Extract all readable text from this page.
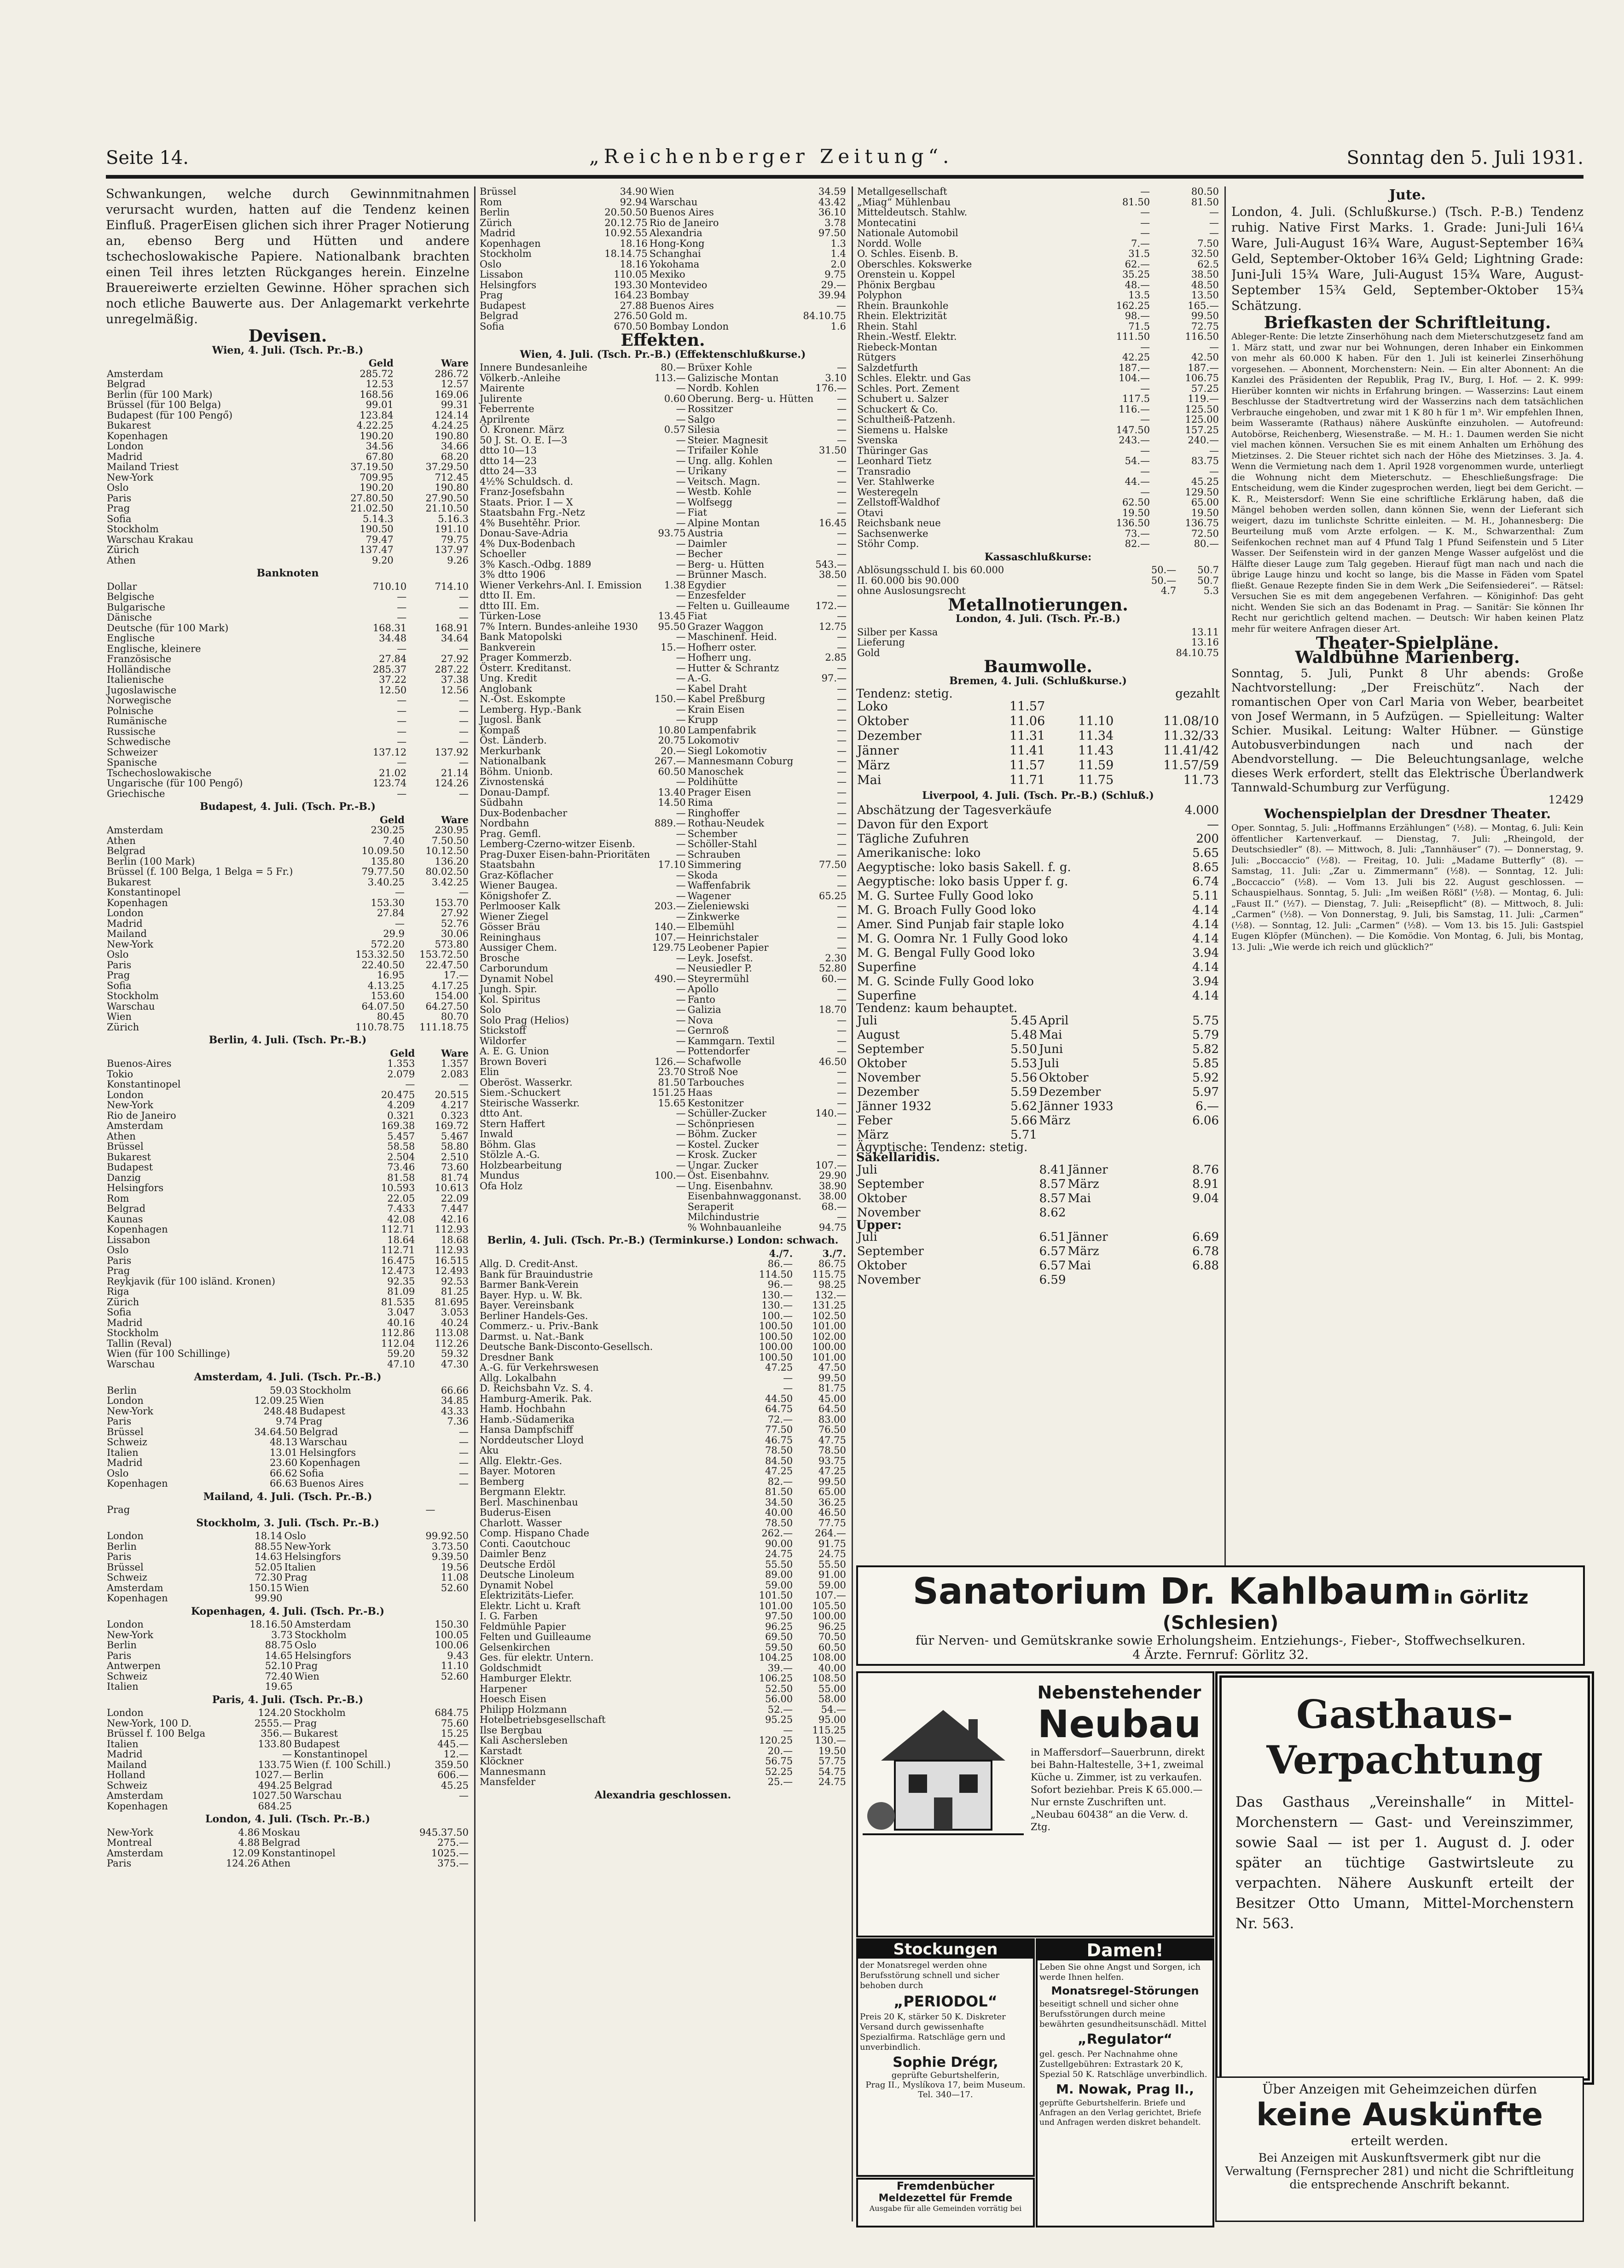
Seite 14.	„Reichenberger Zeitung“.	Sonntag den 5. Juli 1931.
Schwankungen, welche durch Gewinnmitnahmen verursacht wurden, hatten auf die Tendenz keinen Einfluß. PragerEisen glichen sich ihrer Prager Notierung an, ebenso Berg und Hütten und andere tschechoslowakische Papiere. Nationalbank brachten einen Teil ihres letzten Rückganges herein. Einzelne Brauereiwerte erzielten Gewinne. Höher sprachen sich noch etliche Bauwerte aus. Der Anlagemarkt verkehrte unregelmäßig.
Devisen.
Wien, 4. Juli. (Tsch. Pr.-B.)
	Geld	Ware
Amsterdam	285.72	286.72
Belgrad	12.53	12.57
Berlin (für 100 Mark)	168.56	169.06
Brüssel (für 100 Belga)	99.01	99.31
Budapest (für 100 Pengő)	123.84	124.14
Bukarest	4.22.25	4.24.25
Kopenhagen	190.20	190.80
London	34.56	34.66
Madrid	67.80	68.20
Mailand Triest	37.19.50	37.29.50
New-York	709.95	712.45
Oslo	190.20	190.80
Paris	27.80.50	27.90.50
Prag	21.02.50	21.10.50
Sofia	5.14.3	5.16.3
Stockholm	190.50	191.10
Warschau Krakau	79.47	79.75
Zürich	137.47	137.97
Athen	9.20	9.26
Banknoten
Dollar	710.10	714.10
Belgische	—	—
Bulgarische	—	—
Dänische	—	—
Deutsche (für 100 Mark)	168.31	168.91
Englische	34.48	34.64
Englische, kleinere	—	—
Französische	27.84	27.92
Holländische	285.37	287.22
Italienische	37.22	37.38
Jugoslawische	12.50	12.56
Norwegische	—	—
Polnische	—	—
Rumänische	—	—
Russische	—	—
Schwedische	—	—
Schweizer	137.12	137.92
Spanische	—	—
Tschechoslowakische	21.02	21.14
Ungarische (für 100 Pengő)	123.74	124.26
Griechische	—	—
Budapest, 4. Juli. (Tsch. Pr.-B.)
	Geld	Ware
Amsterdam	230.25	230.95
Athen	7.40	7.50.50
Belgrad	10.09.50	10.12.50
Berlin (100 Mark)	135.80	136.20
Brüssel (f. 100 Belga, 1 Belga = 5 Fr.)	79.77.50	80.02.50
Bukarest	3.40.25	3.42.25
Konstantinopel	—	—
Kopenhagen	153.30	153.70
London	27.84	27.92
Madrid	—	52.76
Mailand	29.9	30.06
New-York	572.20	573.80
Oslo	153.32.50	153.72.50
Paris	22.40.50	22.47.50
Prag	16.95	17.—
Sofia	4.13.25	4.17.25
Stockholm	153.60	154.00
Warschau	64.07.50	64.27.50
Wien	80.45	80.70
Zürich	110.78.75	111.18.75
Berlin, 4. Juli. (Tsch. Pr.-B.)
	Geld	Ware
Buenos-Aires	1.353	1.357
Tokio	2.079	2.083
Konstantinopel	—	—
London	20.475	20.515
New-York	4.209	4.217
Rio de Janeiro	0.321	0.323
Amsterdam	169.38	169.72
Athen	5.457	5.467
Brüssel	58.58	58.80
Bukarest	2.504	2.510
Budapest	73.46	73.60
Danzig	81.58	81.74
Helsingfors	10.593	10.613
Rom	22.05	22.09
Belgrad	7.433	7.447
Kaunas	42.08	42.16
Kopenhagen	112.71	112.93
Lissabon	18.64	18.68
Oslo	112.71	112.93
Paris	16.475	16.515
Prag	12.473	12.493
Reykjavik (für 100 isländ. Kronen)	92.35	92.53
Riga	81.09	81.25
Zürich	81.535	81.695
Sofia	3.047	3.053
Madrid	40.16	40.24
Stockholm	112.86	113.08
Tallin (Reval)	112.04	112.26
Wien (für 100 Schillinge)	59.20	59.32
Warschau	47.10	47.30
Amsterdam, 4. Juli. (Tsch. Pr.-B.)
Berlin	59.03	Stockholm	66.66
London	12.09.25	Wien	34.85
New-York	248.48	Budapest	43.33
Paris	9.74	Prag	7.36
Brüssel	34.64.50	Belgrad	—
Schweiz	48.13	Warschau	—
Italien	13.01	Helsingfors	—
Madrid	23.60	Kopenhagen	—
Oslo	66.62	Sofia	—
Kopenhagen	66.63	Buenos Aires	—
Mailand, 4. Juli. (Tsch. Pr.-B.)
Prag	—		
Stockholm, 3. Juli. (Tsch. Pr.-B.)
London	18.14	Oslo	99.92.50
Berlin	88.55	New-York	3.73.50
Paris	14.63	Helsingfors	9.39.50
Brüssel	52.05	Italien	19.56
Schweiz	72.30	Prag	11.08
Amsterdam	150.15	Wien	52.60
Kopenhagen	99.90		
Kopenhagen, 4. Juli. (Tsch. Pr.-B.)
London	18.16.50	Amsterdam	150.30
New-York	3.73	Stockholm	100.05
Berlin	88.75	Oslo	100.06
Paris	14.65	Helsingfors	9.43
Antwerpen	52.10	Prag	11.10
Schweiz	72.40	Wien	52.60
Italien	19.65		
Paris, 4. Juli. (Tsch. Pr.-B.)
London	124.20	Stockholm	684.75
New-York, 100 D.	2555.—	Prag	75.60
Brüssel f. 100 Belga	356.—	Bukarest	15.25
Italien	133.80	Budapest	445.—
Madrid	—	Konstantinopel	12.—
Mailand	133.75	Wien (f. 100 Schill.)	359.50
Holland	1027.—	Berlin	606.—
Schweiz	494.25	Belgrad	45.25
Amsterdam	1027.50	Warschau	—
Kopenhagen	684.25		
London, 4. Juli. (Tsch. Pr.-B.)
New-York	4.86	Moskau	945.37.50
Montreal	4.88	Belgrad	275.—
Amsterdam	12.09	Konstantinopel	1025.—
Paris	124.26	Athen	375.—
Brüssel	34.90	Wien	34.59
Rom	92.94	Warschau	43.42
Berlin	20.50.50	Buenos Aires	36.10
Zürich	20.12.75	Rio de Janeiro	3.78
Madrid	10.92.55	Alexandria	97.50
Kopenhagen	18.16	Hong-Kong	1.3
Stockholm	18.14.75	Schanghai	1.4
Oslo	18.16	Yokohama	2.0
Lissabon	110.05	Mexiko	9.75
Helsingfors	193.30	Montevideo	29.—
Prag	164.23	Bombay	39.94
Budapest	27.88	Buenos Aires	—
Belgrad	276.50	Gold m.	84.10.75
Sofia	670.50	Bombay London	1.6
Effekten.
Wien, 4. Juli. (Tsch. Pr.-B.) (Effektenschlußkurse.)
Innere Bundesanleihe	80.—	Brüxer Kohle	—
Völkerb.-Anleihe	113.—	Galizische Montan	3.10
Mairente	—	Nordb. Kohlen	176.—
Julirente	0.60	Oberung. Berg- u. Hütten	—
Feberrente	—	Rossitzer	—
Aprilrente	—	Salgo	—
Ö. Kronenr. März	0.57	Silesia	—
50 J. St. O. E. I—3	—	Steier. Magnesit	—
dtto 10—13	—	Trifailer Kohle	31.50
dtto 14—23	—	Ung. allg. Kohlen	—
dtto 24—33	—	Urikany	—
4½% Schuldsch. d.	—	Veitsch. Magn.	—
Franz-Josefsbahn	—	Westb. Kohle	—
Staats. Prior. I — X	—	Wolfsegg	—
Staatsbahn Frg.-Netz	—	Fiat	—
4% Busehtěhr. Prior.	—	Alpine Montan	16.45
Donau-Save-Adria	93.75	Austria	—
4% Dux-Bodenbach	—	Daimler	—
Schoeller	—	Becher	—
3% Kasch.-Odbg. 1889	—	Berg- u. Hütten	543.—
3% dtto 1906	—	Brünner Masch.	38.50
Wiener Verkehrs-Anl. I. Emission	1.38	Egydier	—
dtto II. Em.	—	Enzesfelder	—
dtto III. Em.	—	Felten u. Guilleaume	172.—
Türken-Lose	13.45	Fiat	—
7% Intern. Bundes-anleihe 1930	95.50	Grazer Waggon	12.75
Bank Matopolski	—	Maschinenf. Heid.	—
Bankverein	15.—	Hofherr oster.	—
Prager Kommerzb.	—	Hofherr ung.	2.85
Österr. Kreditanst.	—	Hutter & Schrantz	—
Ung. Kredit	—	A.-G.	97.—
Anglobank	—	Kabel Draht	—
N.-Öst. Eskompte	150.—	Kabel Preßburg	—
Lemberg. Hyp.-Bank	—	Krain Eisen	—
Jugosl. Bank	—	Krupp	—
Kompaß	10.80	Lampenfabrik	—
Öst. Länderb.	20.75	Lokomotiv	—
Merkurbank	20.—	Siegl Lokomotiv	—
Nationalbank	267.—	Mannesmann Coburg	—
Böhm. Unionb.	60.50	Manoschek	—
Zivnostenská	—	Poldihütte	—
Donau-Dampf.	13.40	Prager Eisen	—
Südbahn	14.50	Rima	—
Dux-Bodenbacher	—	Ringhoffer	—
Nordbahn	889.—	Rothau-Neudek	—
Prag. Gemfl.	—	Schember	—
Lemberg-Czerno-witzer Eisenb.	—	Schöller-Stahl	—
Prag-Duxer Eisen-bahn-Prioritäten	—	Schrauben	—
Staatsbahn	17.10	Simmering	77.50
Graz-Köflacher	—	Skoda	—
Wiener Baugea.	—	Waffenfabrik	—
Königshofer Z.	—	Wagener	65.25
Perlmooser Kalk	203.—	Zieleniewski	—
Wiener Ziegel	—	Zinkwerke	—
Gösser Bräu	140.—	Elbemühl	—
Reininghaus	107.—	Heinrichstaler	—
Aussiger Chem.	129.75	Leobener Papier	—
Brosche	—	Leyk. Josefst.	2.30
Carborundum	—	Neusiedler P.	52.80
Dynamit Nobel	490.—	Steyrermühl	60.—
Jungh. Spir.	—	Apollo	—
Kol. Spiritus	—	Fanto	—
Solo	—	Galizia	18.70
Solo Prag (Helios)	—	Nova	—
Stickstoff	—	Gernroß	—
Wildorfer	—	Kammgarn. Textil	—
A. E. G. Union	—	Pottendorfer	—
Brown Boveri	126.—	Schafwolle	46.50
Elin	23.70	Stroß Noe	—
Oberöst. Wasserkr.	81.50	Tarbouches	—
Siem.-Schuckert	151.25	Haas	—
Steirische Wasserkr.	15.65	Kestonitzer	—
dtto Ant.	—	Schüller-Zucker	140.—
Stern Haffert	—	Schönpriesen	—
Inwald	—	Böhm. Zucker	—
Böhm. Glas	—	Kostel. Zucker	—
Stölzle A.-G.	—	Krosk. Zucker	—
Holzbearbeitung	—	Ungar. Zucker	107.—
Mundus	100.—	Öst. Eisenbahnv.	29.90
Ofa Holz	—	Ung. Eisenbahnv.	38.90
		Eisenbahnwaggonanst.	38.00
		Seraperit	68.—
		Milchindustrie	—
		% Wohnbauanleihe	94.75
Berlin, 4. Juli. (Tsch. Pr.-B.) (Terminkurse.) London: schwach.
	4./7.	3./7.
Allg. D. Credit-Anst.	86.—	86.75
Bank für Brauindustrie	114.50	115.75
Barmer Bank-Verein	96.—	98.25
Bayer. Hyp. u. W. Bk.	130.—	132.—
Bayer. Vereinsbank	130.—	131.25
Berliner Handels-Ges.	100.—	102.50
Commerz.- u. Priv.-Bank	100.50	101.00
Darmst. u. Nat.-Bank	100.50	102.00
Deutsche Bank-Disconto-Gesellsch.	100.00	100.00
Dresdner Bank	100.50	101.00
A.-G. für Verkehrswesen	47.25	47.50
Allg. Lokalbahn	—	99.50
D. Reichsbahn Vz. S. 4.	—	81.75
Hamburg-Amerik. Pak.	44.50	45.00
Hamb. Hochbahn	64.75	64.50
Hamb.-Südamerika	72.—	83.00
Hansa Dampfschiff	77.50	76.50
Norddeutscher Lloyd	46.75	47.75
Aku	78.50	78.50
Allg. Elektr.-Ges.	84.50	93.75
Bayer. Motoren	47.25	47.25
Bemberg	82.—	99.50
Bergmann Elektr.	81.50	65.00
Berl. Maschinenbau	34.50	36.25
Buderus-Eisen	40.00	46.50
Charlott. Wasser	78.50	77.75
Comp. Hispano Chade	262.—	264.—
Conti. Caoutchouc	90.00	91.75
Daimler Benz	24.75	24.75
Deutsche Erdöl	55.50	55.50
Deutsche Linoleum	89.00	91.00
Dynamit Nobel	59.00	59.00
Elektrizitäts-Liefer.	101.50	107.—
Elektr. Licht u. Kraft	101.00	105.50
I. G. Farben	97.50	100.00
Feldmühle Papier	96.25	96.25
Felten und Guilleaume	69.50	70.50
Gelsenkirchen	59.50	60.50
Ges. für elektr. Untern.	104.25	108.00
Goldschmidt	39.—	40.00
Hamburger Elektr.	106.25	108.50
Harpener	52.50	55.00
Hoesch Eisen	56.00	58.00
Philipp Holzmann	52.—	54.—
Hotelbetriebsgesellschaft	95.25	95.00
Ilse Bergbau	—	115.25
Kali Aschersleben	120.25	130.—
Karstadt	20.—	19.50
Klöckner	56.75	57.75
Mannesmann	52.25	54.75
Mansfelder	25.—	24.75
Alexandria geschlossen.
Metallgesellschaft	—	80.50
„Miag“ Mühlenbau	81.50	81.50
Mitteldeutsch. Stahlw.	—	—
Montecatini	—	—
Nationale Automobil	—	—
Nordd. Wolle	7.—	7.50
O. Schles. Eisenb. B.	31.5	32.50
Oberschles. Kokswerke	62.—	62.5
Orenstein u. Koppel	35.25	38.50
Phönix Bergbau	48.—	48.50
Polyphon	13.5	13.50
Rhein. Braunkohle	162.25	165.—
Rhein. Elektrizität	98.—	99.50
Rhein. Stahl	71.5	72.75
Rhein.-Westf. Elektr.	111.50	116.50
Riebeck-Montan	—	—
Rütgers	42.25	42.50
Salzdetfurth	187.—	187.—
Schles. Elektr. und Gas	104.—	106.75
Schles. Port. Zement	—	57.25
Schubert u. Salzer	117.5	119.—
Schuckert & Co.	116.—	125.50
Schultheiß-Patzenh.	—	125.00
Siemens u. Halske	147.50	157.25
Svenska	243.—	240.—
Thüringer Gas	—	—
Leonhard Tietz	54.—	83.75
Transradio	—	—
Ver. Stahlwerke	44.—	45.25
Westeregeln	—	129.50
Zellstoff-Waldhof	62.50	65.00
Otavi	19.50	19.50
Reichsbank neue	136.50	136.75
Sachsenwerke	73.—	72.50
Stöhr Comp.	82.—	80.—
Kassaschlußkurse:
Ablösungsschuld I. bis 60.000	50.—	50.7
II. 60.000 bis 90.000	50.—	50.7
ohne Auslosungsrecht	4.7	5.3
Metallnotierungen.
London, 4. Juli. (Tsch. Pr.-B.)
Silber per Kassa	13.11
Lieferung	13.16
Gold	84.10.75
Baumwolle.
Bremen, 4. Juli. (Schlußkurse.)
Tendenz: stetig.	gezahlt
Loko	11.57		
Oktober	11.06	11.10	11.08/10
Dezember	11.31	11.34	11.32/33
Jänner	11.41	11.43	11.41/42
März	11.57	11.59	11.57/59
Mai	11.71	11.75	11.73
Liverpool, 4. Juli. (Tsch. Pr.-B.) (Schluß.)
Abschätzung der Tagesverkäufe	4.000
Davon für den Export	—
Tägliche Zufuhren	200
Amerikanische: loko	5.65
Aegyptische: loko basis Sakell. f. g.	8.65
Aegyptische: loko basis Upper f. g.	6.74
M. G. Surtee Fully Good loko	5.11
M. G. Broach Fully Good loko	4.14
Amer. Sind Punjab fair staple loko	4.14
M. G. Oomra Nr. 1 Fully Good loko	4.14
M. G. Bengal Fully Good loko	3.94
Superfine	4.14
M. G. Scinde Fully Good loko	3.94
Superfine	4.14
Tendenz: kaum behauptet.
Juli	5.45	April	5.75
August	5.48	Mai	5.79
September	5.50	Juni	5.82
Oktober	5.53	Juli	5.85
November	5.56	Oktober	5.92
Dezember	5.59	Dezember	5.97
Jänner 1932	5.62	Jänner 1933	6.—
Feber	5.66	März	6.06
März	5.71		
Ägyptische: Tendenz: stetig.
Sakellaridis.
Juli	8.41	Jänner	8.76
September	8.57	März	8.91
Oktober	8.57	Mai	9.04
November	8.62		
Upper:
Juli	6.51	Jänner	6.69
September	6.57	März	6.78
Oktober	6.57	Mai	6.88
November	6.59		
Jute.
London, 4. Juli. (Schlußkurse.) (Tsch. P.-B.) Tendenz ruhig. Native First Marks. 1. Grade: Juni-Juli 16¼ Ware, Juli-August 16¾ Ware, August-September 16¾ Geld, September-Oktober 16¾ Geld; Lightning Grade: Juni-Juli 15¾ Ware, Juli-August 15¾ Ware, August-September 15¾ Geld, September-Oktober 15¾ Schätzung.
Briefkasten der Schriftleitung.
Ableger-Rente: Die letzte Zinserhöhung nach dem Mieterschutzgesetz fand am 1. März statt, und zwar nur bei Wohnungen, deren Inhaber ein Einkommen von mehr als 60.000 K haben. Für den 1. Juli ist keinerlei Zinserhöhung vorgesehen. — Abonnent, Morchenstern: Nein. — Ein alter Abonnent: An die Kanzlei des Präsidenten der Republik, Prag IV., Burg, I. Hof. — 2. K. 999: Hierüber konnten wir nichts in Erfahrung bringen. — Wasserzins: Laut einem Beschlusse der Stadtvertretung wird der Wasserzins nach dem tatsächlichen Verbrauche eingehoben, und zwar mit 1 K 80 h für 1 m³. Wir empfehlen Ihnen, beim Wasseramte (Rathaus) nähere Auskünfte einzuholen. — Autofreund: Autobörse, Reichenberg, Wiesenstraße. — M. H.: 1. Daumen werden Sie nicht viel machen können. Versuchen Sie es mit einem Anhalten um Erhöhung des Mietzinses. 2. Die Steuer richtet sich nach der Höhe des Mietzinses. 3. Ja. 4. Wenn die Vermietung nach dem 1. April 1928 vorgenommen wurde, unterliegt die Wohnung nicht dem Mieterschutz. — Eheschließungsfrage: Die Entscheidung, wem die Kinder zugesprochen werden, liegt bei dem Gericht. — K. R., Meistersdorf: Wenn Sie eine schriftliche Erklärung haben, daß die Mängel behoben werden sollen, dann können Sie, wenn der Lieferant sich weigert, dazu im tunlichste Schritte einleiten. — M. H., Johannesberg: Die Beurteilung muß vom Arzte erfolgen. — K. M., Schwarzenthal: Zum Seifenkochen rechnet man auf 4 Pfund Talg 1 Pfund Seifenstein und 5 Liter Wasser. Der Seifenstein wird in der ganzen Menge Wasser aufgelöst und die Hälfte dieser Lauge zum Talg gegeben. Hierauf fügt man nach und nach die übrige Lauge hinzu und kocht so lange, bis die Masse in Fäden vom Spatel fließt. Genaue Rezepte finden Sie in dem Werk „Die Seifensiederei“. — Rätsel: Versuchen Sie es mit dem angegebenen Verfahren. — Königinhof: Das geht nicht. Wenden Sie sich an das Bodenamt in Prag. — Sanitär: Sie können Ihr Recht nur gerichtlich geltend machen. — Deutsch: Wir haben keinen Platz mehr für weitere Anfragen dieser Art.
Theater-Spielpläne.
Waldbühne Marienberg.
Sonntag, 5. Juli, Punkt 8 Uhr abends: Große Nachtvorstellung: „Der Freischütz“. Nach der romantischen Oper von Carl Maria von Weber, bearbeitet von Josef Wermann, in 5 Aufzügen. — Spielleitung: Walter Schier. Musikal. Leitung: Walter Hübner. — Günstige Autobusverbindungen nach und nach der Abendvorstellung. — Die Beleuchtungsanlage, welche dieses Werk erfordert, stellt das Elektrische Überlandwerk Tannwald-Schumburg zur Verfügung.
12429
Wochenspielplan der Dresdner Theater.
Oper. Sonntag, 5. Juli: „Hoffmanns Erzählungen“ (½8). — Montag, 6. Juli: Kein öffentlicher Kartenverkauf. — Dienstag, 7. Juli: „Rheingold, der Deutschsiedler“ (8). — Mittwoch, 8. Juli: „Tannhäuser“ (7). — Donnerstag, 9. Juli: „Boccaccio“ (½8). — Freitag, 10. Juli: „Madame Butterfly“ (8). — Samstag, 11. Juli: „Zar u. Zimmermann“ (½8). — Sonntag, 12. Juli: „Boccaccio“ (½8). — Vom 13. Juli bis 22. August geschlossen. — Schauspielhaus. Sonntag, 5. Juli: „Im weißen Rößl“ (½8). — Montag, 6. Juli: „Faust II.“ (½7). — Dienstag, 7. Juli: „Reisepflicht“ (8). — Mittwoch, 8. Juli: „Carmen“ (½8). — Von Donnerstag, 9. Juli, bis Samstag, 11. Juli: „Carmen“ (½8). — Sonntag, 12. Juli: „Carmen“ (½8). — Vom 13. bis 15. Juli: Gastspiel Eugen Klöpfer (München). — Die Komödie. Von Montag, 6. Juli, bis Montag, 13. Juli: „Wie werde ich reich und glücklich?“
Sanatorium Dr. Kahlbaum in Görlitz (Schlesien)
für Nerven- und Gemütskranke sowie Erholungsheim. Entziehungs-, Fieber-, Stoffwechselkuren.
4 Ärzte. Fernruf: Görlitz 32.
Nebenstehender
Neubau
in Maffersdorf—Sauerbrunn, direkt bei Bahn-Haltestelle, 3+1, zweimal Küche u. Zimmer, ist zu verkaufen. Sofort beziehbar. Preis K 65.000.— Nur ernste Zuschriften unt. „Neubau 60438“ an die Verw. d. Ztg.
Stockungen
der Monatsregel werden ohne Berufsstörung schnell und sicher behoben durch
„PERIODOL“
Preis 20 K, stärker 50 K. Diskreter Versand durch gewissenhafte Spezialfirma. Ratschläge gern und unverbindlich.
Sophie Drégr,
geprüfte Geburtshelferin,
Prag II., Myslíkova 17, beim Museum. Tel. 340—17.
Fremdenbücher
Meldezettel für Fremde
Ausgabe für alle Gemeinden vorrätig bei
Damen!
Leben Sie ohne Angst und Sorgen, ich werde Ihnen helfen.
Monatsregel-Störungen
beseitigt schnell und sicher ohne Berufsstörungen durch meine bewährten gesundheitsunschädl. Mittel
„Regulator“
gel. gesch. Per Nachnahme ohne Zustellgebühren: Extrastark 20 K, Spezial 50 K. Ratschläge unverbindlich.
M. Nowak, Prag II.,
geprüfte Geburtshelferin. Briefe und Anfragen an den Verlag gerichtet, Briefe und Anfragen werden diskret behandelt.
Gasthaus-
Verpachtung
Das Gasthaus „Vereinshalle“ in Mittel-Morchenstern — Gast- und Vereinszimmer, sowie Saal — ist per 1. August d. J. oder später an tüchtige Gastwirtsleute zu verpachten. Nähere Auskunft erteilt der Besitzer Otto Umann, Mittel-Morchenstern Nr. 563.
Über Anzeigen mit Geheimzeichen dürfen
keine Auskünfte
erteilt werden.
Bei Anzeigen mit Auskunftsvermerk gibt nur die Verwaltung (Fernsprecher 281) und nicht die Schriftleitung die entsprechende Anschrift bekannt.
